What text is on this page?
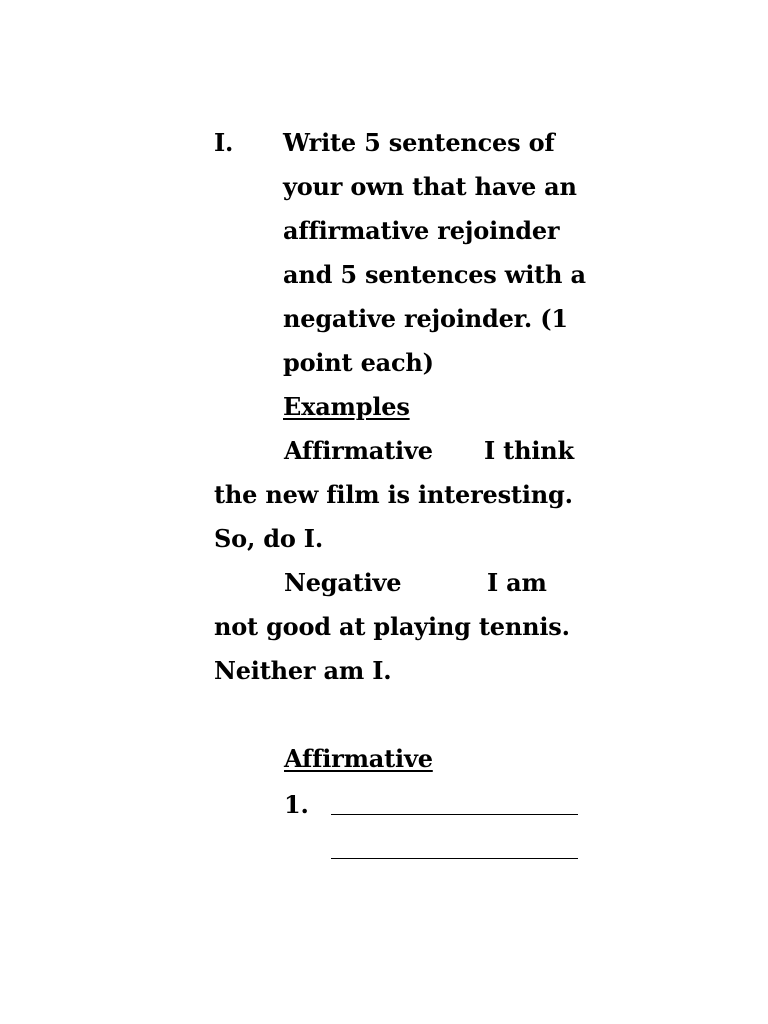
I. Write 5 sentences of
your own that have an
affirmative rejoinder
and 5 sentences with a
negative rejoinder. (1
point each)
Examples
Affirmative I think
the new film is interesting.
So, do I.
Negative	I am
not good at playing tennis.
Neither am I.
Affirmative
1.
